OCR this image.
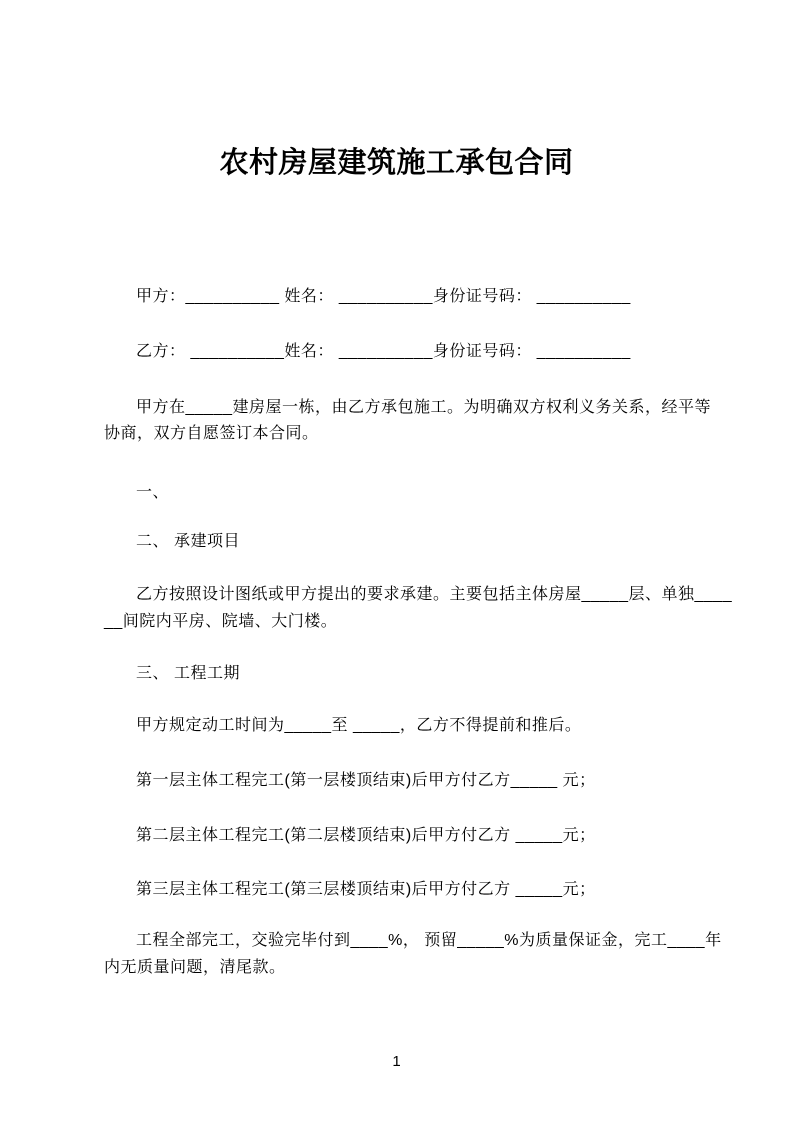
农村房屋建筑施工承包合同
甲方：__________ 姓名： __________身份证号码： __________
乙方： __________姓名： __________身份证号码： __________
甲方在_____建房屋一栋，由乙方承包施工。为明确双方权利义务关系，经平等
协商，双方自愿签订本合同。
一、
二、 承建项目
乙方按照设计图纸或甲方提出的要求承建。主要包括主体房屋_____层、单独____
__间院内平房、院墙、大门楼。
三、 工程工期
甲方规定动工时间为_____至 _____，乙方不得提前和推后。
第一层主体工程完工(第一层楼顶结束)后甲方付乙方_____ 元；
第二层主体工程完工(第二层楼顶结束)后甲方付乙方 _____元；
第三层主体工程完工(第三层楼顶结束)后甲方付乙方 _____元；
工程全部完工，交验完毕付到____%， 预留_____%为质量保证金，完工____年
内无质量问题，清尾款。
1
